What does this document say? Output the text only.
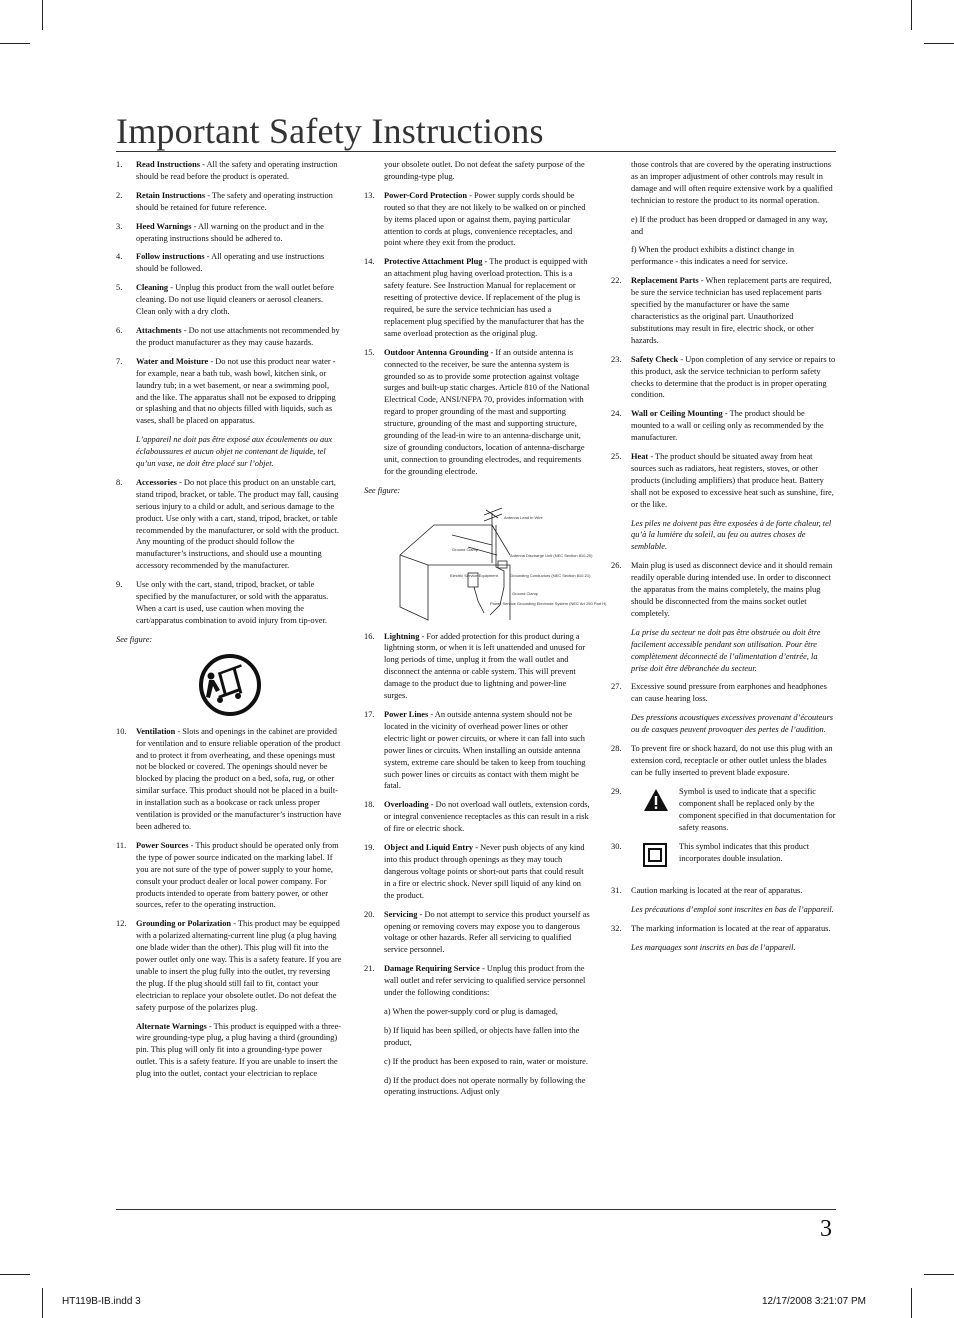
Important Safety Instructions
1. Read Instructions - All the safety and operating instruction should be read before the product is operated.
2. Retain Instructions - The safety and operating instruction should be retained for future reference.
3. Heed Warnings - All warning on the product and in the operating instructions should be adhered to.
4. Follow instructions - All operating and use instructions should be followed.
5. Cleaning - Unplug this product from the wall outlet before cleaning. Do not use liquid cleaners or aerosol cleaners. Clean only with a dry cloth.
6. Attachments - Do not use attachments not recommended by the product manufacturer as they may cause hazards.
7. Water and Moisture - Do not use this product near water - for example, near a bath tub, wash bowl, kitchen sink, or laundry tub; in a wet basement, or near a swimming pool, and the like. The apparatus shall not be exposed to dripping or splashing and that no objects filled with liquids, such as vases, shall be placed on apparatus.
L’appareil ne doit pas être exposé aux écoulements ou aux éclaboussures et aucun objet ne contenant de liquide, tel qu’un vase, ne doit être placé sur l’objet.
8. Accessories - Do not place this product on an unstable cart, stand tripod, bracket, or table. The product may fall, causing serious injury to a child or adult, and serious damage to the product. Use only with a cart, stand, tripod, bracket, or table recommended by the manufacturer, or sold with the product. Any mounting of the product should follow the manufacturer’s instructions, and should use a mounting accessory recommended by the manufacturer.
9. Use only with the cart, stand, tripod, bracket, or table specified by the manufacturer, or sold with the apparatus. When a cart is used, use caution when moving the cart/apparatus combination to avoid injury from tip-over.
See figure:
10. Ventilation - Slots and openings in the cabinet are provided for ventilation and to ensure reliable operation of the product and to protect it from overheating, and these openings must not be blocked or covered. The openings should never be blocked by placing the product on a bed, sofa, rug, or other similar surface. This product should not be placed in a built-in installation such as a bookcase or rack unless proper ventilation is provided or the manufacturer’s instruction have been adhered to.
11. Power Sources - This product should be operated only from the type of power source indicated on the marking label. If you are not sure of the type of power supply to your home, consult your product dealer or local power company. For products intended to operate from battery power, or other sources, refer to the operating instruction.
12. Grounding or Polarization - This product may be equipped with a polarized alternating-current line plug (a plug having one blade wider than the other). This plug will fit into the power outlet only one way. This is a safety feature. If you are unable to insert the plug fully into the outlet, try reversing the plug. If the plug should still fail to fit, contact your electrician to replace your obsolete outlet. Do not defeat the safety purpose of the polarizes plug.
Alternate Warnings - This product is equipped with a three-wire grounding-type plug, a plug having a third (grounding) pin. This plug will only fit into a grounding-type power outlet. This is a safety feature. If you are unable to insert the plug into the outlet, contact your electrician to replace
your obsolete outlet. Do not defeat the safety purpose of the grounding-type plug.
13. Power-Cord Protection - Power supply cords should be routed so that they are not likely to be walked on or pinched by items placed upon or against them, paying particular attention to cords at plugs, convenience receptacles, and point where they exit from the product.
14. Protective Attachment Plug - The product is equipped with an attachment plug having overload protection. This is a safety feature. See Instruction Manual for replacement or resetting of protective device. If replacement of the plug is required, be sure the service technician has used a replacement plug specified by the manufacturer that has the same overload protection as the original plug.
15. Outdoor Antenna Grounding - If an outside antenna is connected to the receiver, be sure the antenna system is grounded so as to provide some protection against voltage surges and built-up static charges. Article 810 of the National Electrical Code, ANSI/NFPA 70, provides information with regard to proper grounding of the mast and supporting structure, grounding of the mast and supporting structure, grounding of the lead-in wire to an antenna-discharge unit, size of grounding conductors, location of antenna-discharge unit, connection to grounding electrodes, and requirements for the grounding electrode.
See figure:
Antenna Lead In Wire
Ground Clamp
Antenna Discharge Unit (NEC Section 810-20)
Grounding Conductors (NEC Section 810-21)
Electric Service Equipment
Ground Clamp
Power Service Grounding Electrode System (NEC Art 250 Part H)
16. Lightning - For added protection for this product during a lightning storm, or when it is left unattended and unused for long periods of time, unplug it from the wall outlet and disconnect the antenna or cable system. This will prevent damage to the product due to lightning and power-line surges.
17. Power Lines - An outside antenna system should not be located in the vicinity of overhead power lines or other electric light or power circuits, or where it can fall into such power lines or circuits. When installing an outside antenna system, extreme care should be taken to keep from touching such power lines or circuits as contact with them might be fatal.
18. Overloading - Do not overload wall outlets, extension cords, or integral convenience receptacles as this can result in a risk of fire or electric shock.
19. Object and Liquid Entry - Never push objects of any kind into this product through openings as they may touch dangerous voltage points or short-out parts that could result in a fire or electric shock. Never spill liquid of any kind on the product.
20. Servicing - Do not attempt to service this product yourself as opening or removing covers may expose you to dangerous voltage or other hazards. Refer all servicing to qualified service personnel.
21. Damage Requiring Service - Unplug this product from the wall outlet and refer servicing to qualified service personnel under the following conditions:
a) When the power-supply cord or plug is damaged,
b) If liquid has been spilled, or objects have fallen into the product,
c) If the product has been exposed to rain, water or moisture.
d) If the product does not operate normally by following the operating instructions. Adjust only
those controls that are covered by the operating instructions as an improper adjustment of other controls may result in damage and will often require extensive work by a qualified technician to restore the product to its normal operation.
e) If the product has been dropped or damaged in any way, and
f) When the product exhibits a distinct change in performance - this indicates a need for service.
22. Replacement Parts - When replacement parts are required, be sure the service technician has used replacement parts specified by the manufacturer or have the same characteristics as the original part. Unauthorized substitutions may result in fire, electric shock, or other hazards.
23. Safety Check - Upon completion of any service or repairs to this product, ask the service technician to perform safety checks to determine that the product is in proper operating condition.
24. Wall or Ceiling Mounting - The product should be mounted to a wall or ceiling only as recommended by the manufacturer.
25. Heat - The product should be situated away from heat sources such as radiators, heat registers, stoves, or other products (including amplifiers) that produce heat. Battery shall not be exposed to excessive heat such as sunshine, fire, or the like.
Les piles ne doivent pas être exposées à de forte chaleur, tel qu’à la lumière du soleil, au feu ou autres choses de semblable.
26. Main plug is used as disconnect device and it should remain readily operable during intended use. In order to disconnect the apparatus from the mains completely, the mains plug should be disconnected from the mains socket outlet completely.
La prise du secteur ne doit pas être obstruée ou doit être facilement accessible pendant son utilisation. Pour être complètement déconnecté de l’alimentation d’entrée, la prise doit être débranchée du secteur.
27. Excessive sound pressure from earphones and headphones can cause hearing loss.
Des pressions acoustiques excessives provenant d’écouteurs ou de casques peuvent provoquer des pertes de l’audition.
28. To prevent fire or shock hazard, do not use this plug with an extension cord, receptacle or other outlet unless the blades can be fully inserted to prevent blade exposure.
29.	Symbol is used to indicate that a specific component shall be replaced only by the component specified in that documentation for safety reasons.
30.	This symbol indicates that this product incorporates double insulation.
31. Caution marking is located at the rear of apparatus.
Les précautions d’emploi sont inscrites en bas de l’appareil.
32. The marking information is located at the rear of apparatus.
Les marquages sont inscrits en bas de l’appareil.
3
HT119B-IB.indd 3	12/17/2008 3:21:07 PM
